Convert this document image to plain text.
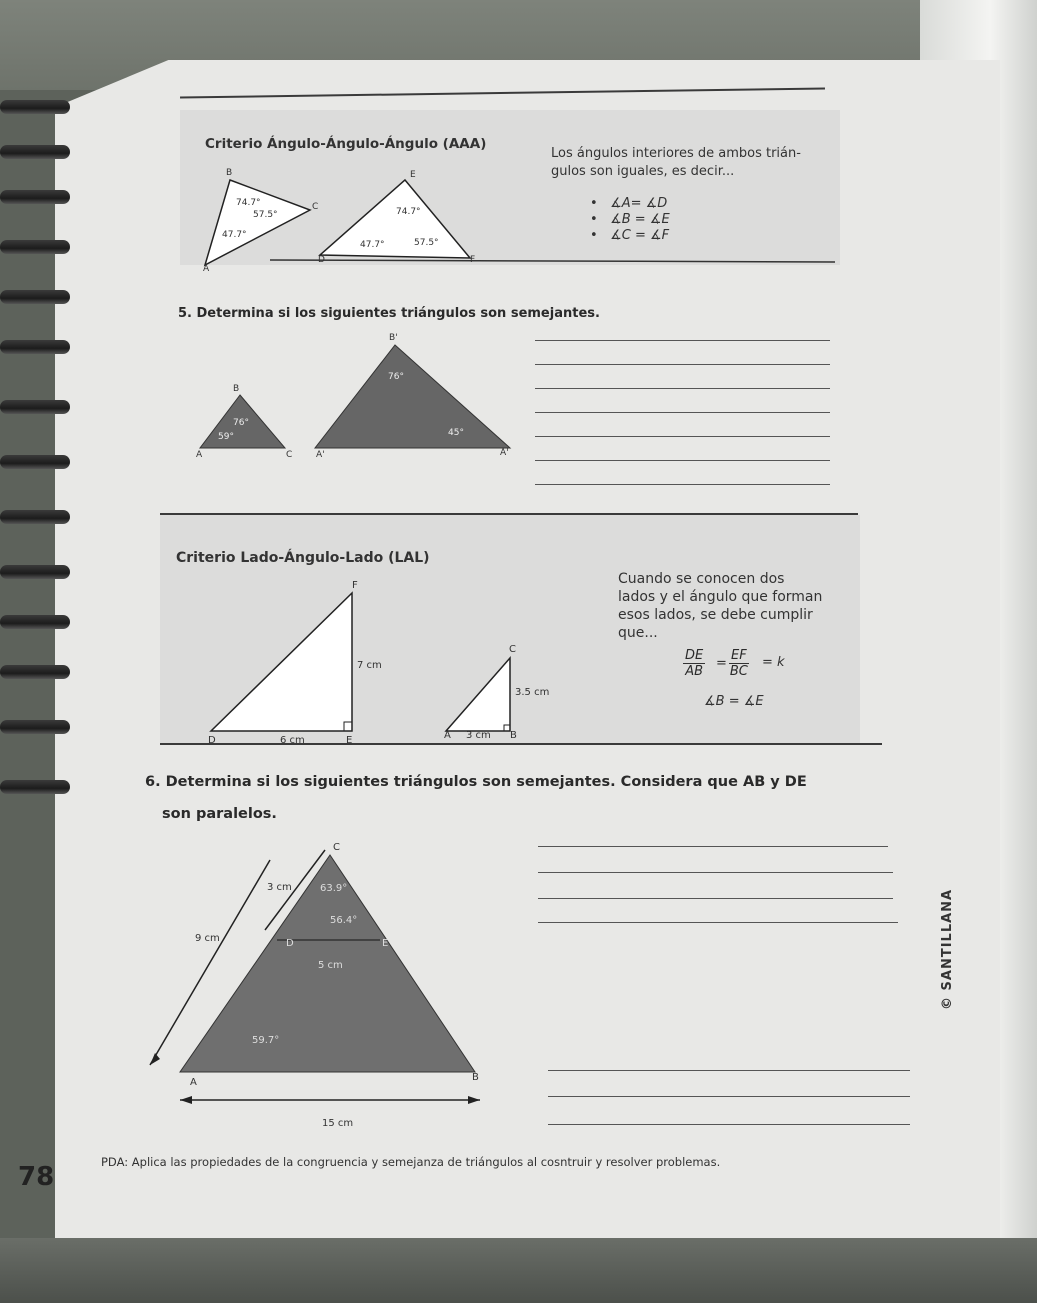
Criterio Ángulo-Ángulo-Ángulo (AAA)
Los ángulos interiores de ambos trián-
gulos son iguales, es decir...
•   ∡A= ∡D
•   ∡B = ∡E
•   ∡C = ∡F
B
C
A
74.7°
57.5°
47.7°
E
D	F
74.7°
47.7°	57.5°
5. Determina si los siguientes triángulos son semejantes.
B
A	C
76°
59°
B'
A'	A'
76°
45°
Criterio Lado-Ángulo-Lado (LAL)
Cuando se conocen dos
lados y el ángulo que forman
esos lados, se debe cumplir
que...
$\frac{DE}{AB} = \frac{EF}{BC} = k$
∡B = ∡E
F
D	E
7 cm
6 cm
C
A	B
3.5 cm
3 cm
6. Determina si los siguientes triángulos son semejantes. Considera que AB y DE
son paralelos.
C
D	E
A	B
3 cm
9 cm
5 cm
15 cm
63.9°
56.4°
59.7°
© SANTILLANA
78	PDA: Aplica las propiedades de la congruencia y semejanza de triángulos al cosntruir y resolver problemas.
